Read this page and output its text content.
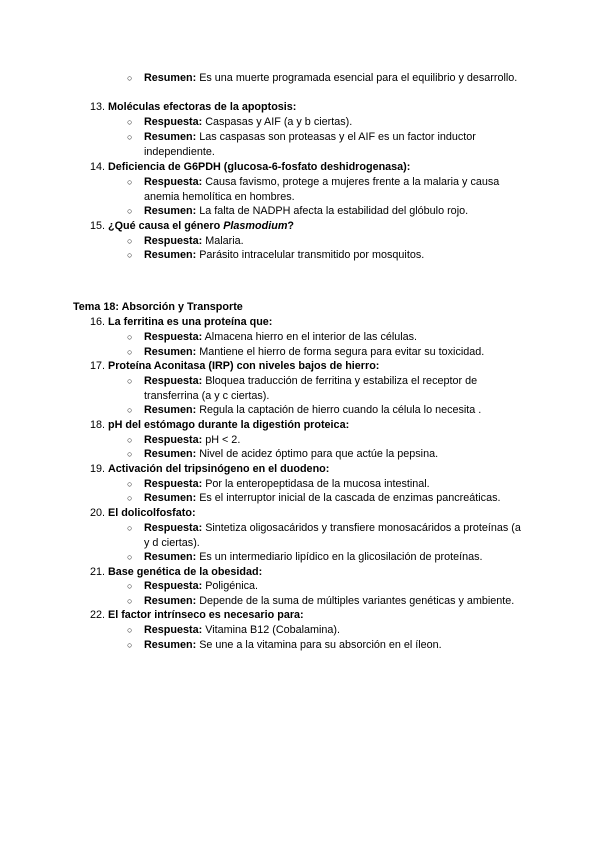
○ Resumen: Es una muerte programada esencial para el equilibrio y desarrollo.
13. Moléculas efectoras de la apoptosis:
○ Respuesta: Caspasas y AIF (a y b ciertas).
○ Resumen: Las caspasas son proteasas y el AIF es un factor inductor independiente.
14. Deficiencia de G6PDH (glucosa-6-fosfato deshidrogenasa):
○ Respuesta: Causa favismo, protege a mujeres frente a la malaria y causa anemia hemolítica en hombres.
○ Resumen: La falta de NADPH afecta la estabilidad del glóbulo rojo.
15. ¿Qué causa el género Plasmodium?
○ Respuesta: Malaria.
○ Resumen: Parásito intracelular transmitido por mosquitos.
Tema 18: Absorción y Transporte
16. La ferritina es una proteína que:
○ Respuesta: Almacena hierro en el interior de las células.
○ Resumen: Mantiene el hierro de forma segura para evitar su toxicidad.
17. Proteína Aconitasa (IRP) con niveles bajos de hierro:
○ Respuesta: Bloquea traducción de ferritina y estabiliza el receptor de transferrina (a y c ciertas).
○ Resumen: Regula la captación de hierro cuando la célula lo necesita .
18. pH del estómago durante la digestión proteica:
○ Respuesta: pH < 2.
○ Resumen: Nivel de acidez óptimo para que actúe la pepsina.
19. Activación del tripsinógeno en el duodeno:
○ Respuesta: Por la enteropeptidasa de la mucosa intestinal.
○ Resumen: Es el interruptor inicial de la cascada de enzimas pancreáticas.
20. El dolicolfosfato:
○ Respuesta: Sintetiza oligosacáridos y transfiere monosacáridos a proteínas (a y d ciertas).
○ Resumen: Es un intermediario lipídico en la glicosilación de proteínas.
21. Base genética de la obesidad:
○ Respuesta: Poligénica.
○ Resumen: Depende de la suma de múltiples variantes genéticas y ambiente.
22. El factor intrínseco es necesario para:
○ Respuesta: Vitamina B12 (Cobalamina).
○ Resumen: Se une a la vitamina para su absorción en el íleon.
